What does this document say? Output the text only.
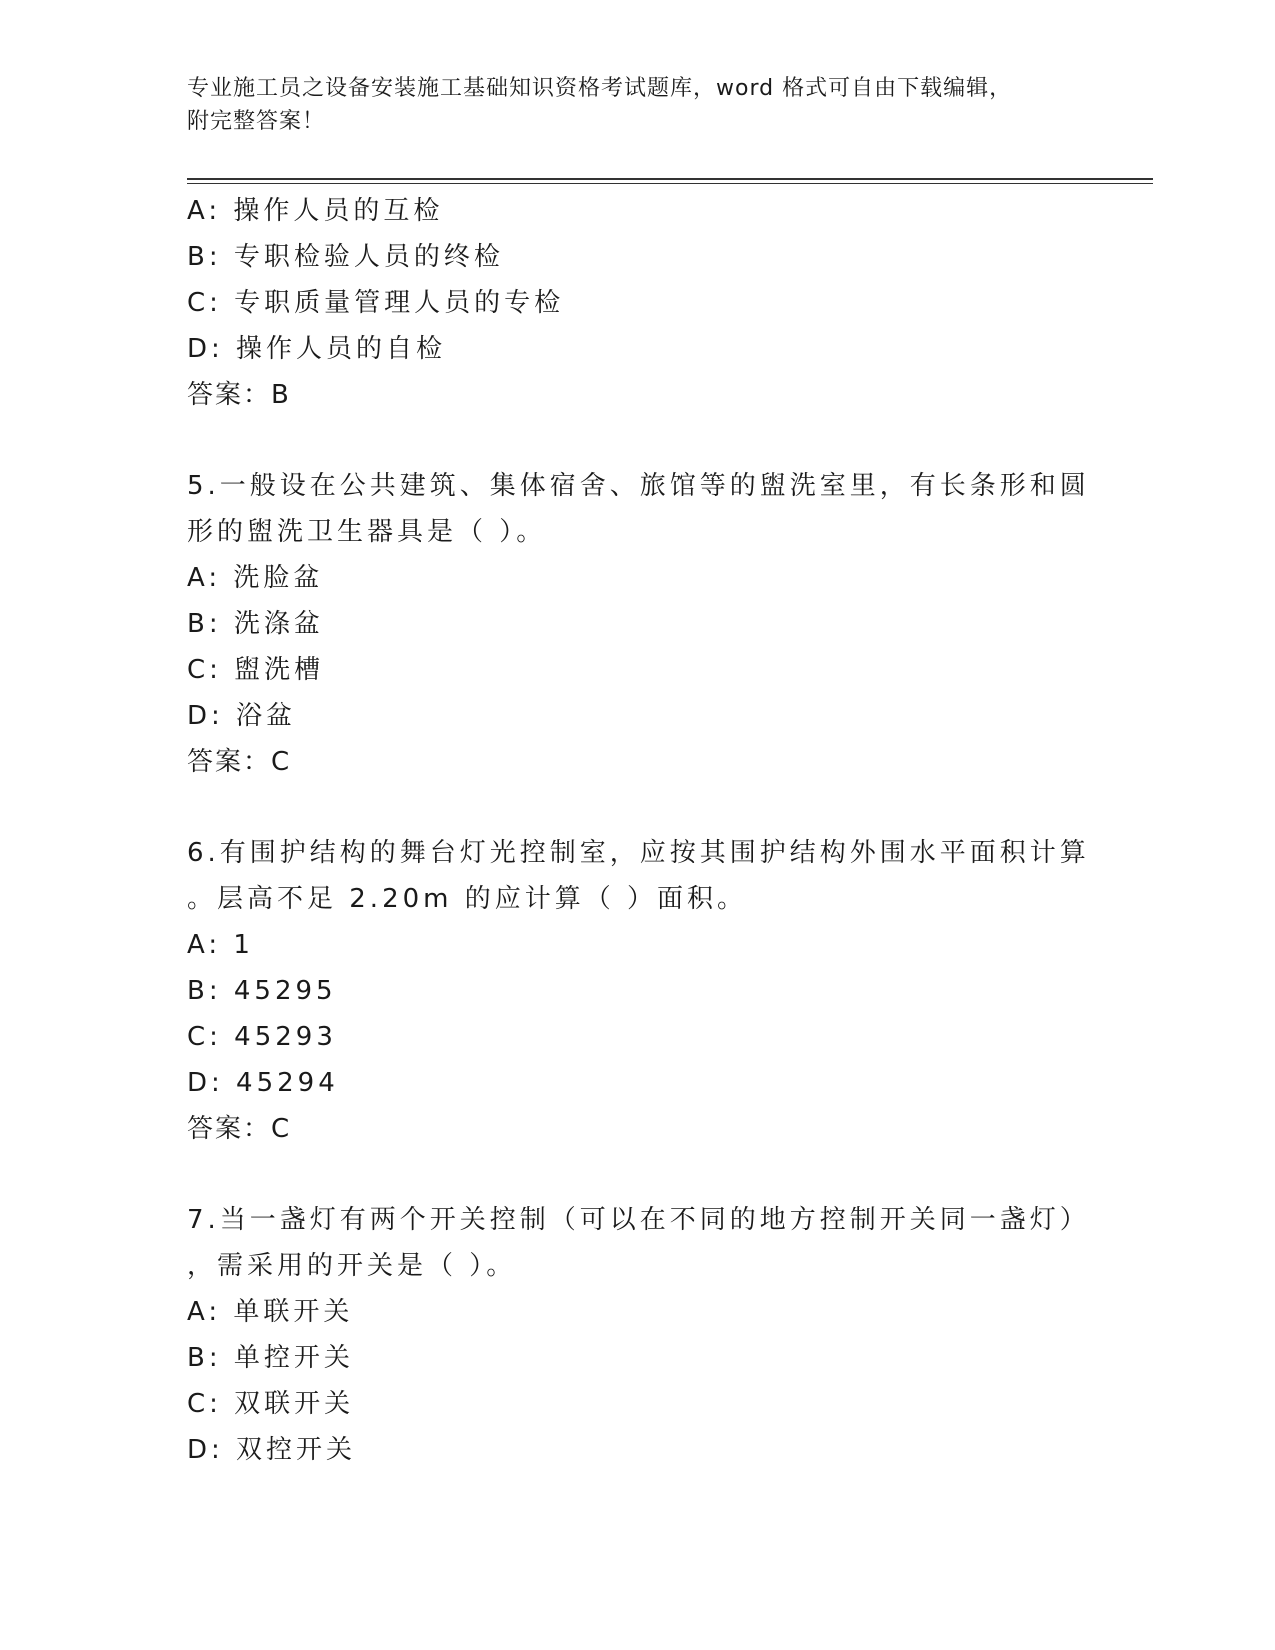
专业施工员之设备安装施工基础知识资格考试题库，word 格式可自由下载编辑，
附完整答案！
A: 操作人员的互检
B: 专职检验人员的终检
C: 专职质量管理人员的专检
D: 操作人员的自检
答案：B
5.一般设在公共建筑、集体宿舍、旅馆等的盥洗室里，有长条形和圆
形的盥洗卫生器具是（ ）。
A: 洗脸盆
B: 洗涤盆
C: 盥洗槽
D: 浴盆
答案：C
6.有围护结构的舞台灯光控制室，应按其围护结构外围水平面积计算
。层高不足 2.20m 的应计算（ ）面积。
A: 1
B: 45295
C: 45293
D: 45294
答案：C
7.当一盏灯有两个开关控制（可以在不同的地方控制开关同一盏灯）
，需采用的开关是（ ）。
A: 单联开关
B: 单控开关
C: 双联开关
D: 双控开关
